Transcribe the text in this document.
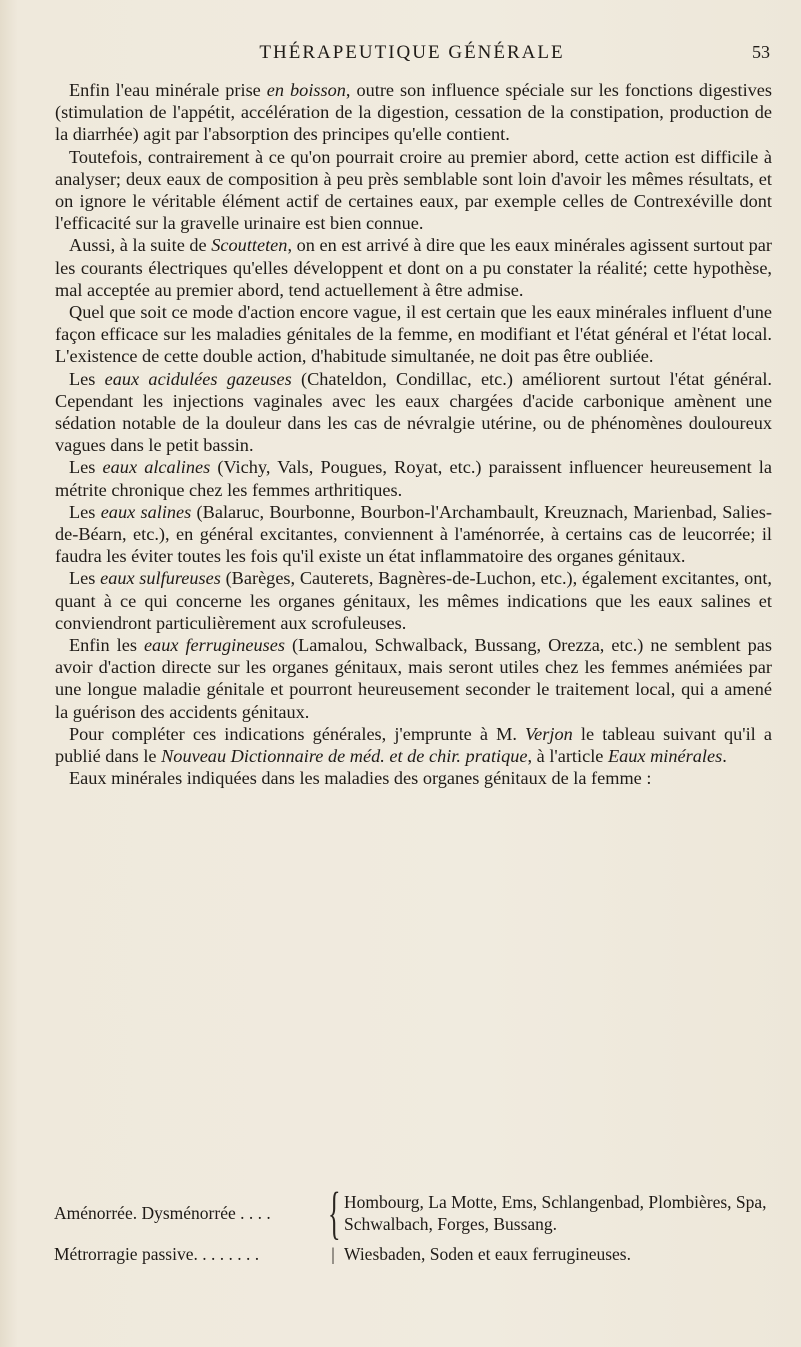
THÉRAPEUTIQUE GÉNÉRALE	53

Enfin l'eau minérale prise en boisson, outre son influence spéciale sur les fonctions digestives (stimulation de l'appétit, accélération de la digestion, cessation de la constipation, production de la diarrhée) agit par l'absorption des principes qu'elle contient.

Toutefois, contrairement à ce qu'on pourrait croire au premier abord, cette action est difficile à analyser; deux eaux de composition à peu près semblable sont loin d'avoir les mêmes résultats, et on ignore le véritable élément actif de certaines eaux, par exemple celles de Contrexéville dont l'efficacité sur la gravelle urinaire est bien connue.

Aussi, à la suite de Scoutteten, on en est arrivé à dire que les eaux minérales agissent surtout par les courants électriques qu'elles développent et dont on a pu constater la réalité; cette hypothèse, mal acceptée au premier abord, tend actuellement à être admise.

Quel que soit ce mode d'action encore vague, il est certain que les eaux minérales influent d'une façon efficace sur les maladies génitales de la femme, en modifiant et l'état général et l'état local. L'existence de cette double action, d'habitude simultanée, ne doit pas être oubliée.

Les eaux acidulées gazeuses (Chateldon, Condillac, etc.) améliorent surtout l'état général. Cependant les injections vaginales avec les eaux chargées d'acide carbonique amènent une sédation notable de la douleur dans les cas de névralgie utérine, ou de phénomènes douloureux vagues dans le petit bassin.

Les eaux alcalines (Vichy, Vals, Pougues, Royat, etc.) paraissent influencer heureusement la métrite chronique chez les femmes arthritiques.

Les eaux salines (Balaruc, Bourbonne, Bourbon-l'Archambault, Kreuznach, Marienbad, Salies-de-Béarn, etc.), en général excitantes, conviennent à l'aménorrée, à certains cas de leucorrée; il faudra les éviter toutes les fois qu'il existe un état inflammatoire des organes génitaux.

Les eaux sulfureuses (Barèges, Cauterets, Bagnères-de-Luchon, etc.), également excitantes, ont, quant à ce qui concerne les organes génitaux, les mêmes indications que les eaux salines et conviendront particulièrement aux scrofuleuses.

Enfin les eaux ferrugineuses (Lamalou, Schwalback, Bussang, Orezza, etc.) ne semblent pas avoir d'action directe sur les organes génitaux, mais seront utiles chez les femmes anémiées par une longue maladie génitale et pourront heureusement seconder le traitement local, qui a amené la guérison des accidents génitaux.

Pour compléter ces indications générales, j'emprunte à M. Verjon le tableau suivant qu'il a publié dans le Nouveau Dictionnaire de méd. et de chir. pratique, à l'article Eaux minérales.

Eaux minérales indiquées dans les maladies des organes génitaux de la femme :

Aménorrée. Dysménorrée . . . . { Hombourg, La Motte, Ems, Schlangenbad, Plombières, Spa, Schwalbach, Forges, Bussang.
Métrorragie passive. . . . . . . .	| Wiesbaden, Soden et eaux ferrugineuses.
